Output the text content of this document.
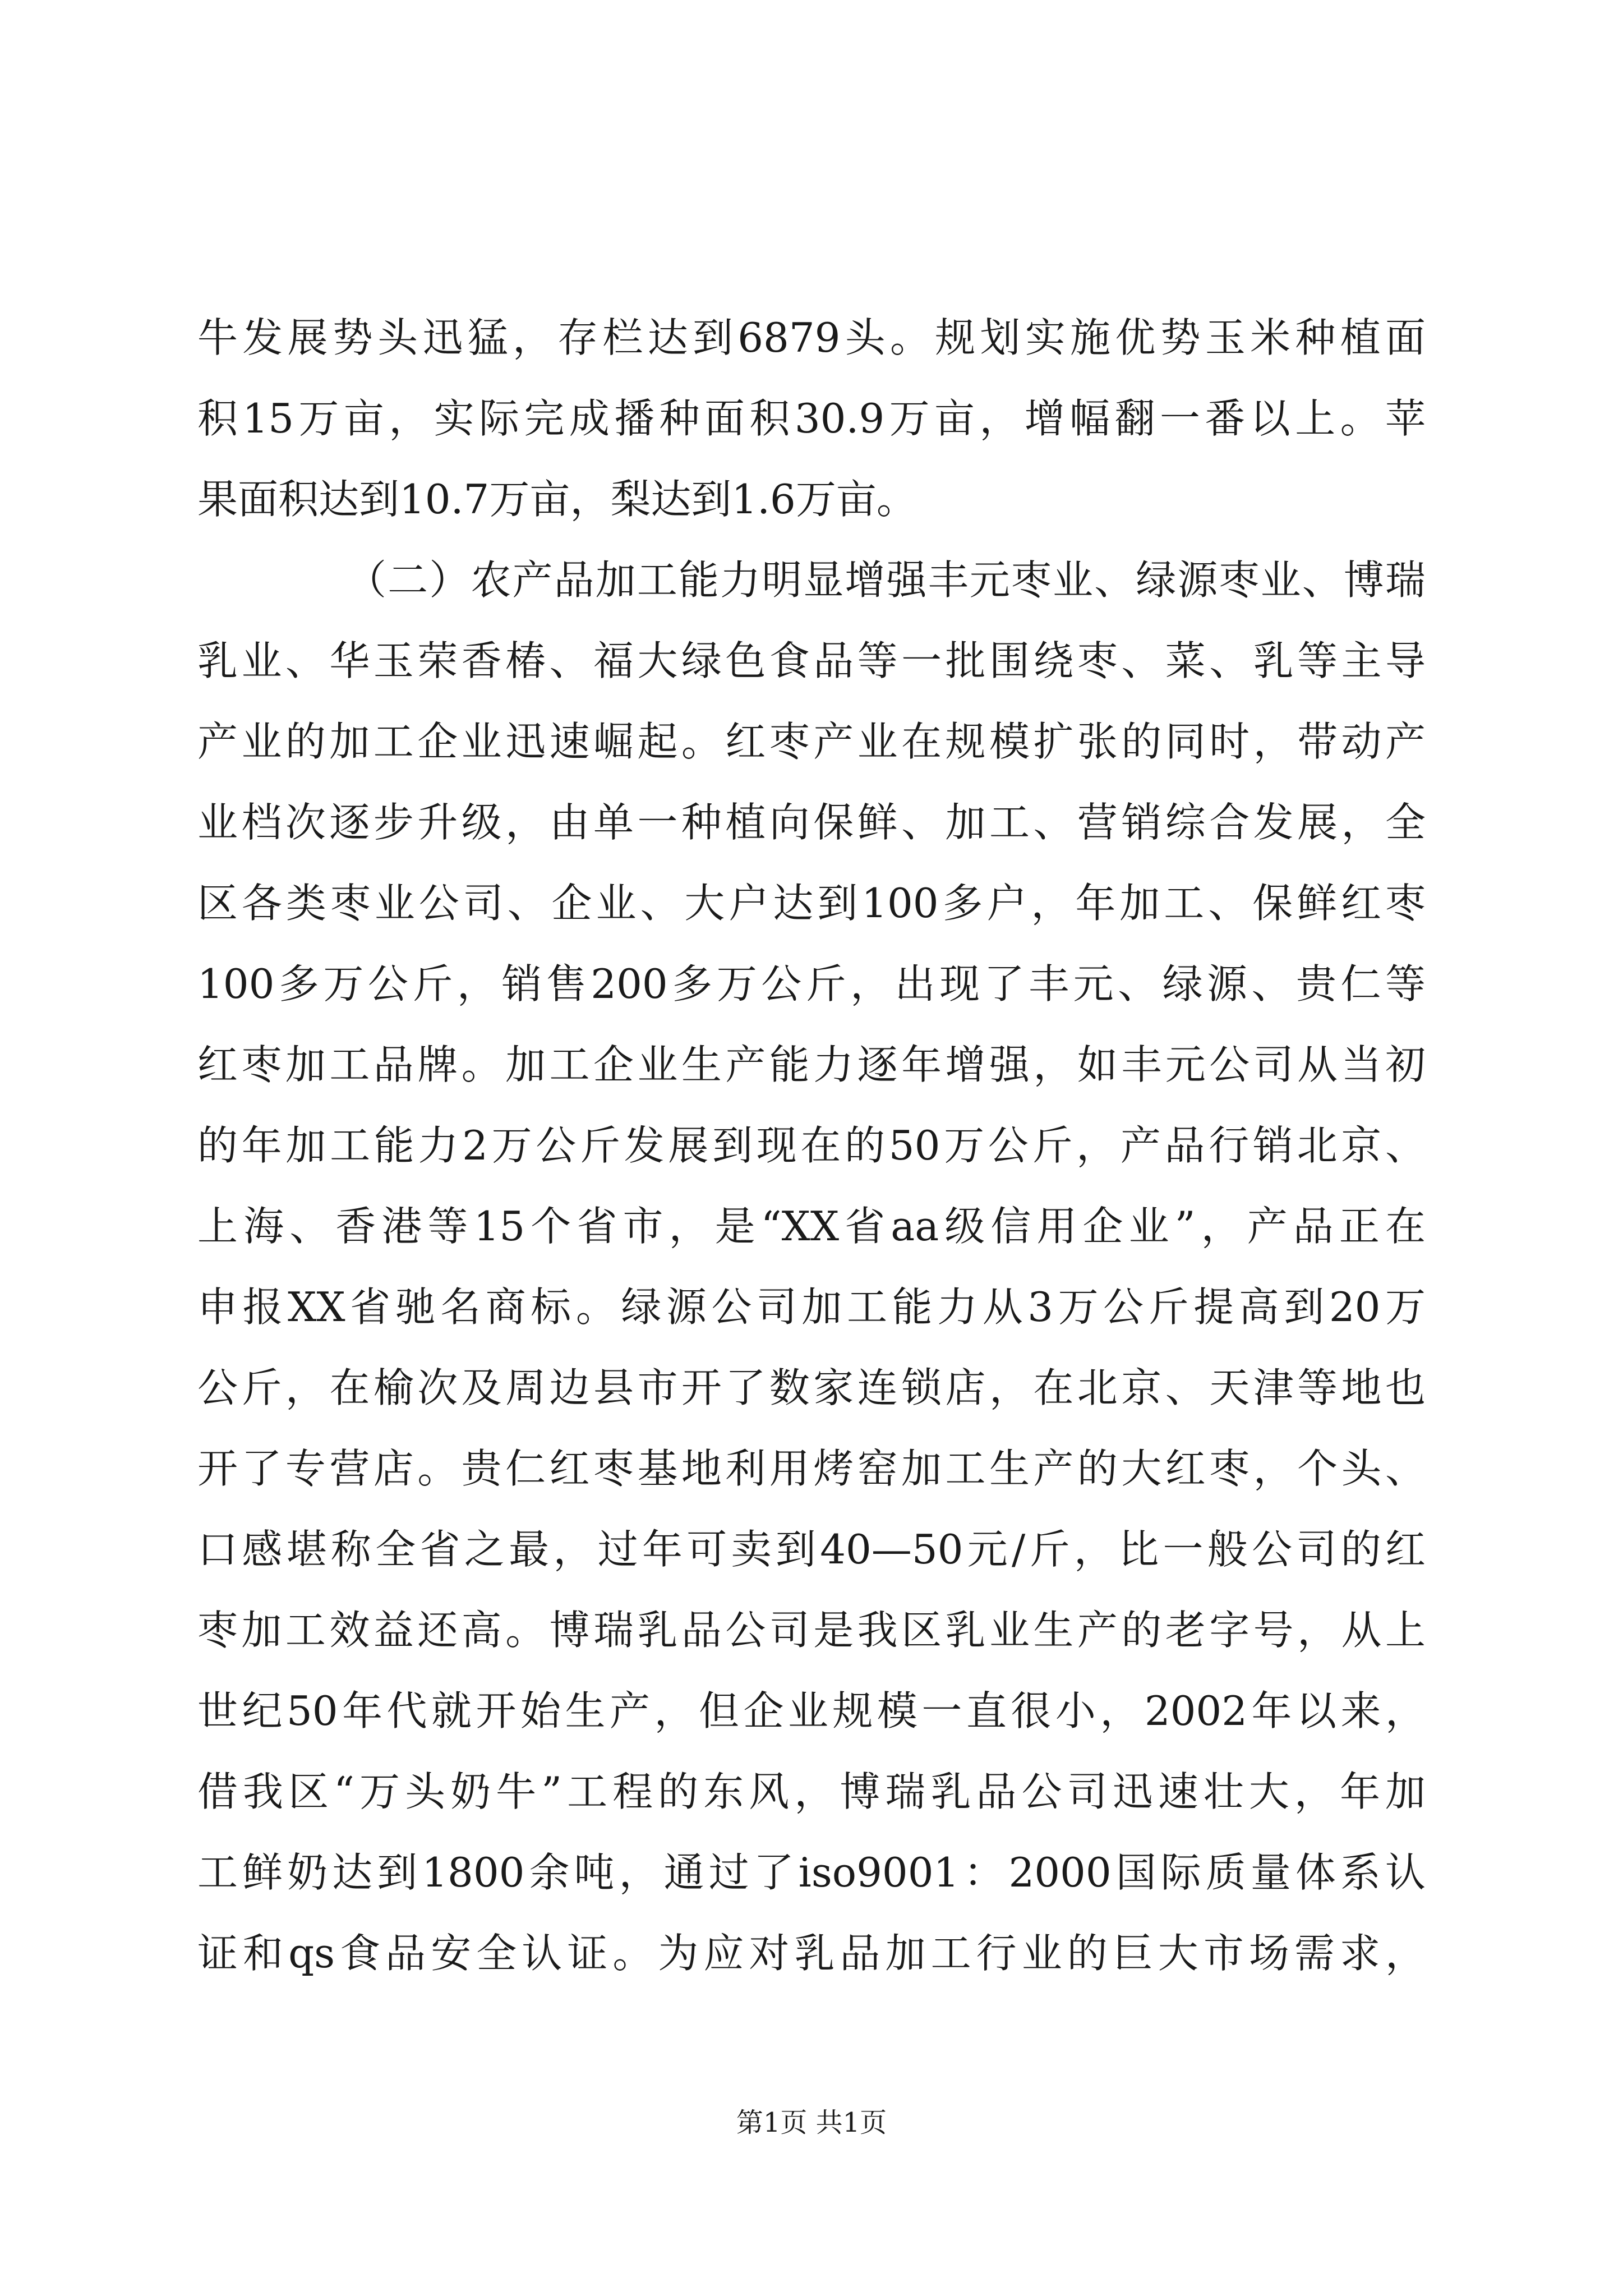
牛发展势头迅猛，存栏达到6879头。规划实施优势玉米种植面
积15万亩，实际完成播种面积30.9万亩，增幅翻一番以上。苹
果面积达到10.7万亩，梨达到1.6万亩。
（二）农产品加工能力明显增强丰元枣业、绿源枣业、博瑞
乳业、华玉荣香椿、福大绿色食品等一批围绕枣、菜、乳等主导
产业的加工企业迅速崛起。红枣产业在规模扩张的同时，带动产
业档次逐步升级，由单一种植向保鲜、加工、营销综合发展，全
区各类枣业公司、企业、大户达到100多户，年加工、保鲜红枣
100多万公斤，销售200多万公斤，出现了丰元、绿源、贵仁等
红枣加工品牌。加工企业生产能力逐年增强，如丰元公司从当初
的年加工能力2万公斤发展到现在的50万公斤，产品行销北京、
上海、香港等15个省市，是“XX省aa级信用企业”，产品正在
申报XX省驰名商标。绿源公司加工能力从3万公斤提高到20万
公斤，在榆次及周边县市开了数家连锁店，在北京、天津等地也
开了专营店。贵仁红枣基地利用烤窑加工生产的大红枣，个头、
口感堪称全省之最，过年可卖到40—50元/斤，比一般公司的红
枣加工效益还高。博瑞乳品公司是我区乳业生产的老字号，从上
世纪50年代就开始生产，但企业规模一直很小，2002年以来，
借我区“万头奶牛”工程的东风，博瑞乳品公司迅速壮大，年加
工鲜奶达到1800余吨，通过了iso9001：2000国际质量体系认
证和qs食品安全认证。为应对乳品加工行业的巨大市场需求，
第1页 共1页
